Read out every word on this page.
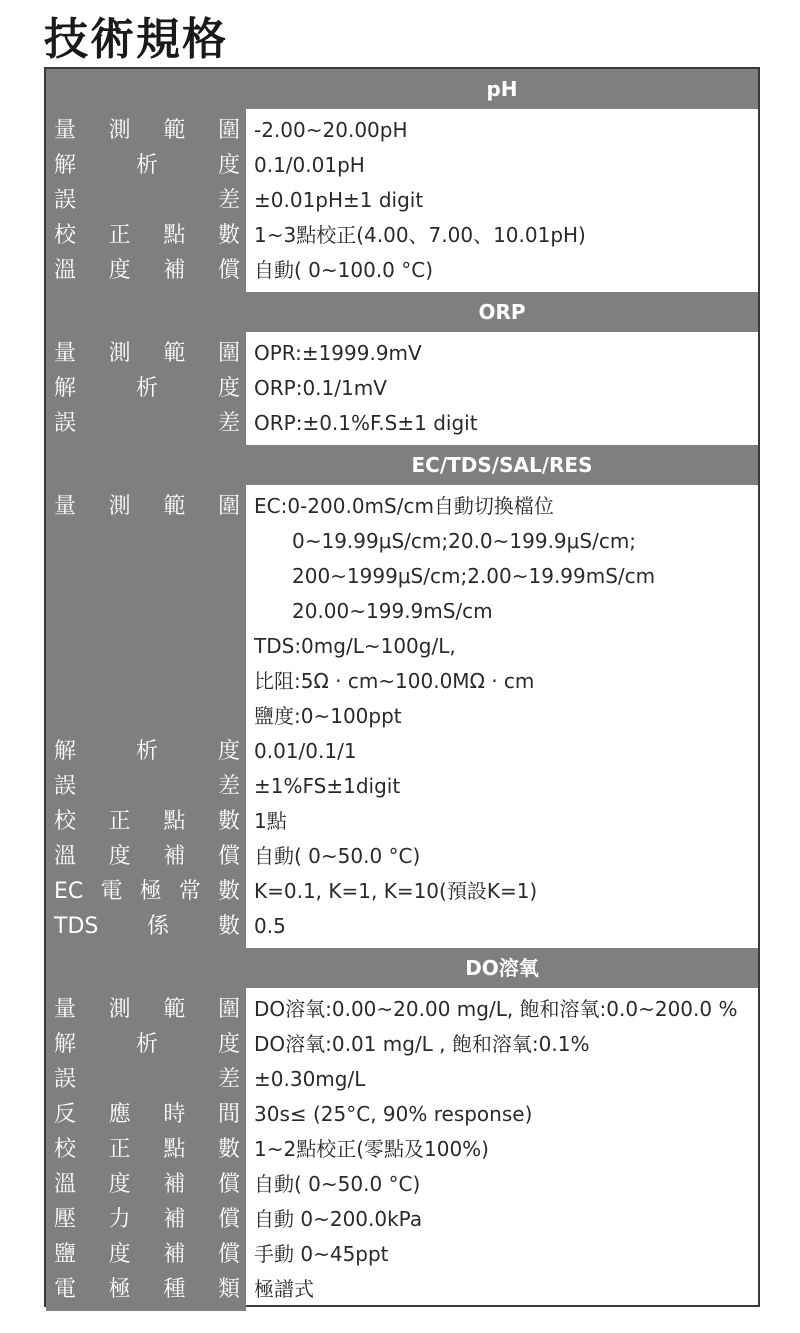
技術規格
pH
量測範圍 -2.00~20.00pH
解析度 0.1/0.01pH
誤差 ±0.01pH±1 digit
校正點數 1~3點校正(4.00、7.00、10.01pH)
溫度補償 自動( 0~100.0 °C)
ORP
量測範圍 OPR:±1999.9mV
解析度 ORP:0.1/1mV
誤差 ORP:±0.1%F.S±1 digit
EC/TDS/SAL/RES
量測範圍 EC:0-200.0mS/cm自動切換檔位
0~19.99μS/cm;20.0~199.9μS/cm;
200~1999μS/cm;2.00~19.99mS/cm
20.00~199.9mS/cm
TDS:0mg/L~100g/L,
比阻:5Ω · cm~100.0MΩ · cm
鹽度:0~100ppt
解析度 0.01/0.1/1
誤差 ±1%FS±1digit
校正點數 1點
溫度補償 自動( 0~50.0 °C)
EC電極常數 K=0.1, K=1, K=10(預設K=1)
TDS係數 0.5
DO溶氧
量測範圍 DO溶氧:0.00~20.00 mg/L, 飽和溶氧:0.0~200.0 %
解析度 DO溶氧:0.01 mg/L , 飽和溶氧:0.1%
誤差 ±0.30mg/L
反應時間 30s≤ (25°C, 90% response)
校正點數 1~2點校正(零點及100%)
溫度補償 自動( 0~50.0 °C)
壓力補償 自動 0~200.0kPa
鹽度補償 手動 0~45ppt
電極種類 極譜式
